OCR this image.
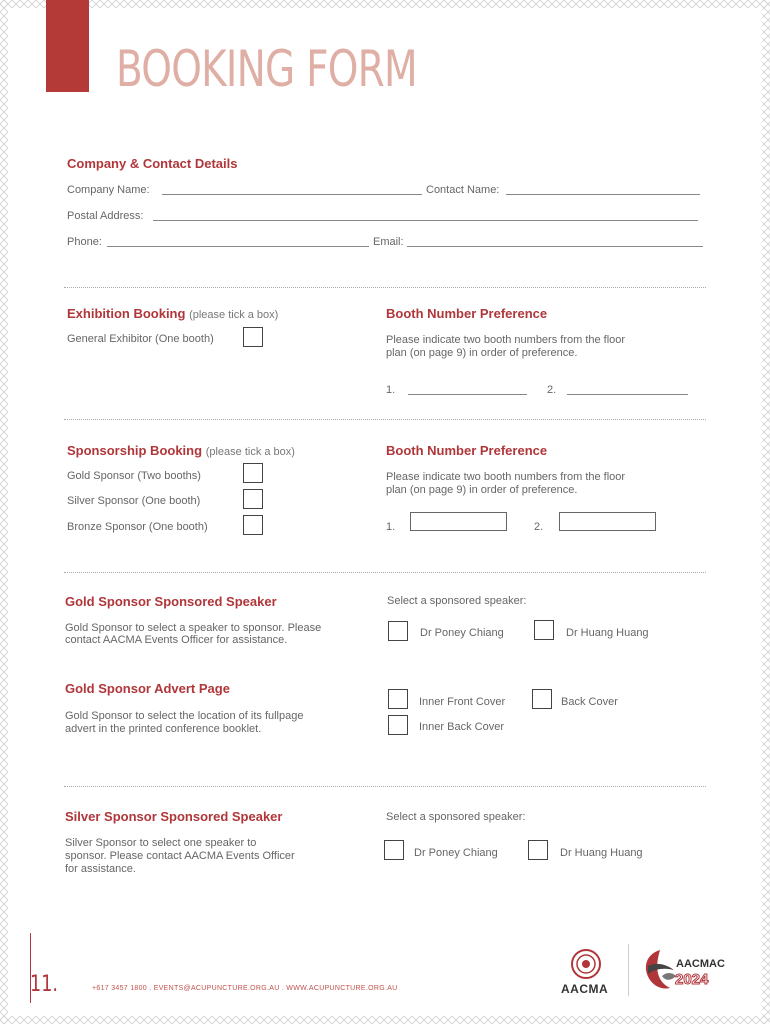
BOOKING FORM
Company & Contact Details
Company Name:	Contact Name:
Postal Address:
Phone:	Email:
Exhibition Booking (please tick a box)
General Exhibitor (One booth)
Booth Number Preference
Please indicate two booth numbers from the floor
plan (on page 9) in order of preference.
1.	2.
Sponsorship Booking (please tick a box)
Gold Sponsor (Two booths)
Silver Sponsor (One booth)
Bronze Sponsor (One booth)
Booth Number Preference
Please indicate two booth numbers from the floor
plan (on page 9) in order of preference.
1.	2.
Gold Sponsor Sponsored Speaker
Gold Sponsor to select a speaker to sponsor. Please
contact AACMA Events Officer for assistance.
Select a sponsored speaker:
Dr Poney Chiang	Dr Huang Huang
Gold Sponsor Advert Page
Gold Sponsor to select the location of its fullpage
advert in the printed conference booklet.
Inner Front Cover	Back Cover
Inner Back Cover
Silver Sponsor Sponsored Speaker
Silver Sponsor to select one speaker to
sponsor. Please contact AACMA Events Officer
for assistance.
Select a sponsored speaker:
Dr Poney Chiang	Dr Huang Huang
11.	+617 3457 1800 . EVENTS@ACUPUNCTURE.ORG.AU . WWW.ACUPUNCTURE.ORG.AU	AACMA
AACMAC
2024
